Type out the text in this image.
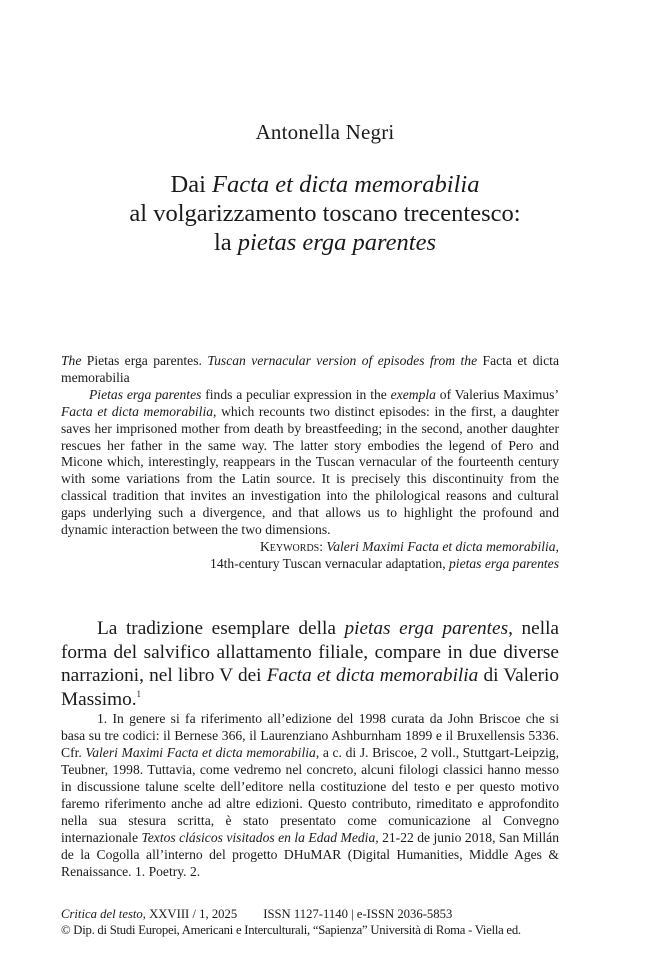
Antonella Negri
Dai Facta et dicta memorabilia
al volgarizzamento toscano trecentesco:
la pietas erga parentes

The Pietas erga parentes. Tuscan vernacular version of episodes from the Facta et dicta memorabilia

Pietas erga parentes finds a peculiar expression in the exempla of Valerius Maximus’ Facta et dicta memorabilia, which recounts two distinct episodes: in the first, a daughter saves her imprisoned mother from death by breastfeeding; in the second, another daughter rescues her father in the same way. The latter story embodies the legend of Pero and Micone which, interestingly, reappears in the Tuscan vernacular of the fourteenth century with some variations from the Latin source. It is precisely this discontinuity from the classical tradition that invites an investigation into the philological reasons and cultural gaps underlying such a divergence, and that allows us to highlight the profound and dynamic interaction between the two dimensions.

Keywords: Valeri Maximi Facta et dicta memorabilia,

14th-century Tuscan vernacular adaptation, pietas erga parentes

La tradizione esemplare della pietas erga parentes, nella forma del salvifico allattamento filiale, compare in due diverse narrazioni, nel libro V dei Facta et dicta memorabilia di Valerio Massimo.$^1$

1. In genere si fa riferimento all’edizione del 1998 curata da John Briscoe che si basa su tre codici: il Bernese 366, il Laurenziano Ashburnham 1899 e il Bruxellensis 5336. Cfr. Valeri Maximi Facta et dicta memorabilia, a c. di J. Briscoe, 2 voll., Stuttgart-Leipzig, Teubner, 1998. Tuttavia, come vedremo nel concreto, alcuni filologi classici hanno messo in discussione talune scelte dell’editore nella costituzione del testo e per questo motivo faremo riferimento anche ad altre edizioni. Questo contributo, rimeditato e approfondito nella sua stesura scritta, è stato presentato come comunicazione al Convegno internazionale Textos clásicos visitados en la Edad Media, 21-22 de junio 2018, San Millán de la Cogolla all’interno del progetto DHuMAR (Digital Humanities, Middle Ages & Renaissance. 1. Poetry. 2.

Critica del testo, XXVIII / 1, 2025 ISSN 1127-1140 | e-ISSN 2036-5853
© Dip. di Studi Europei, Americani e Interculturali, “Sapienza” Università di Roma - Viella ed.
